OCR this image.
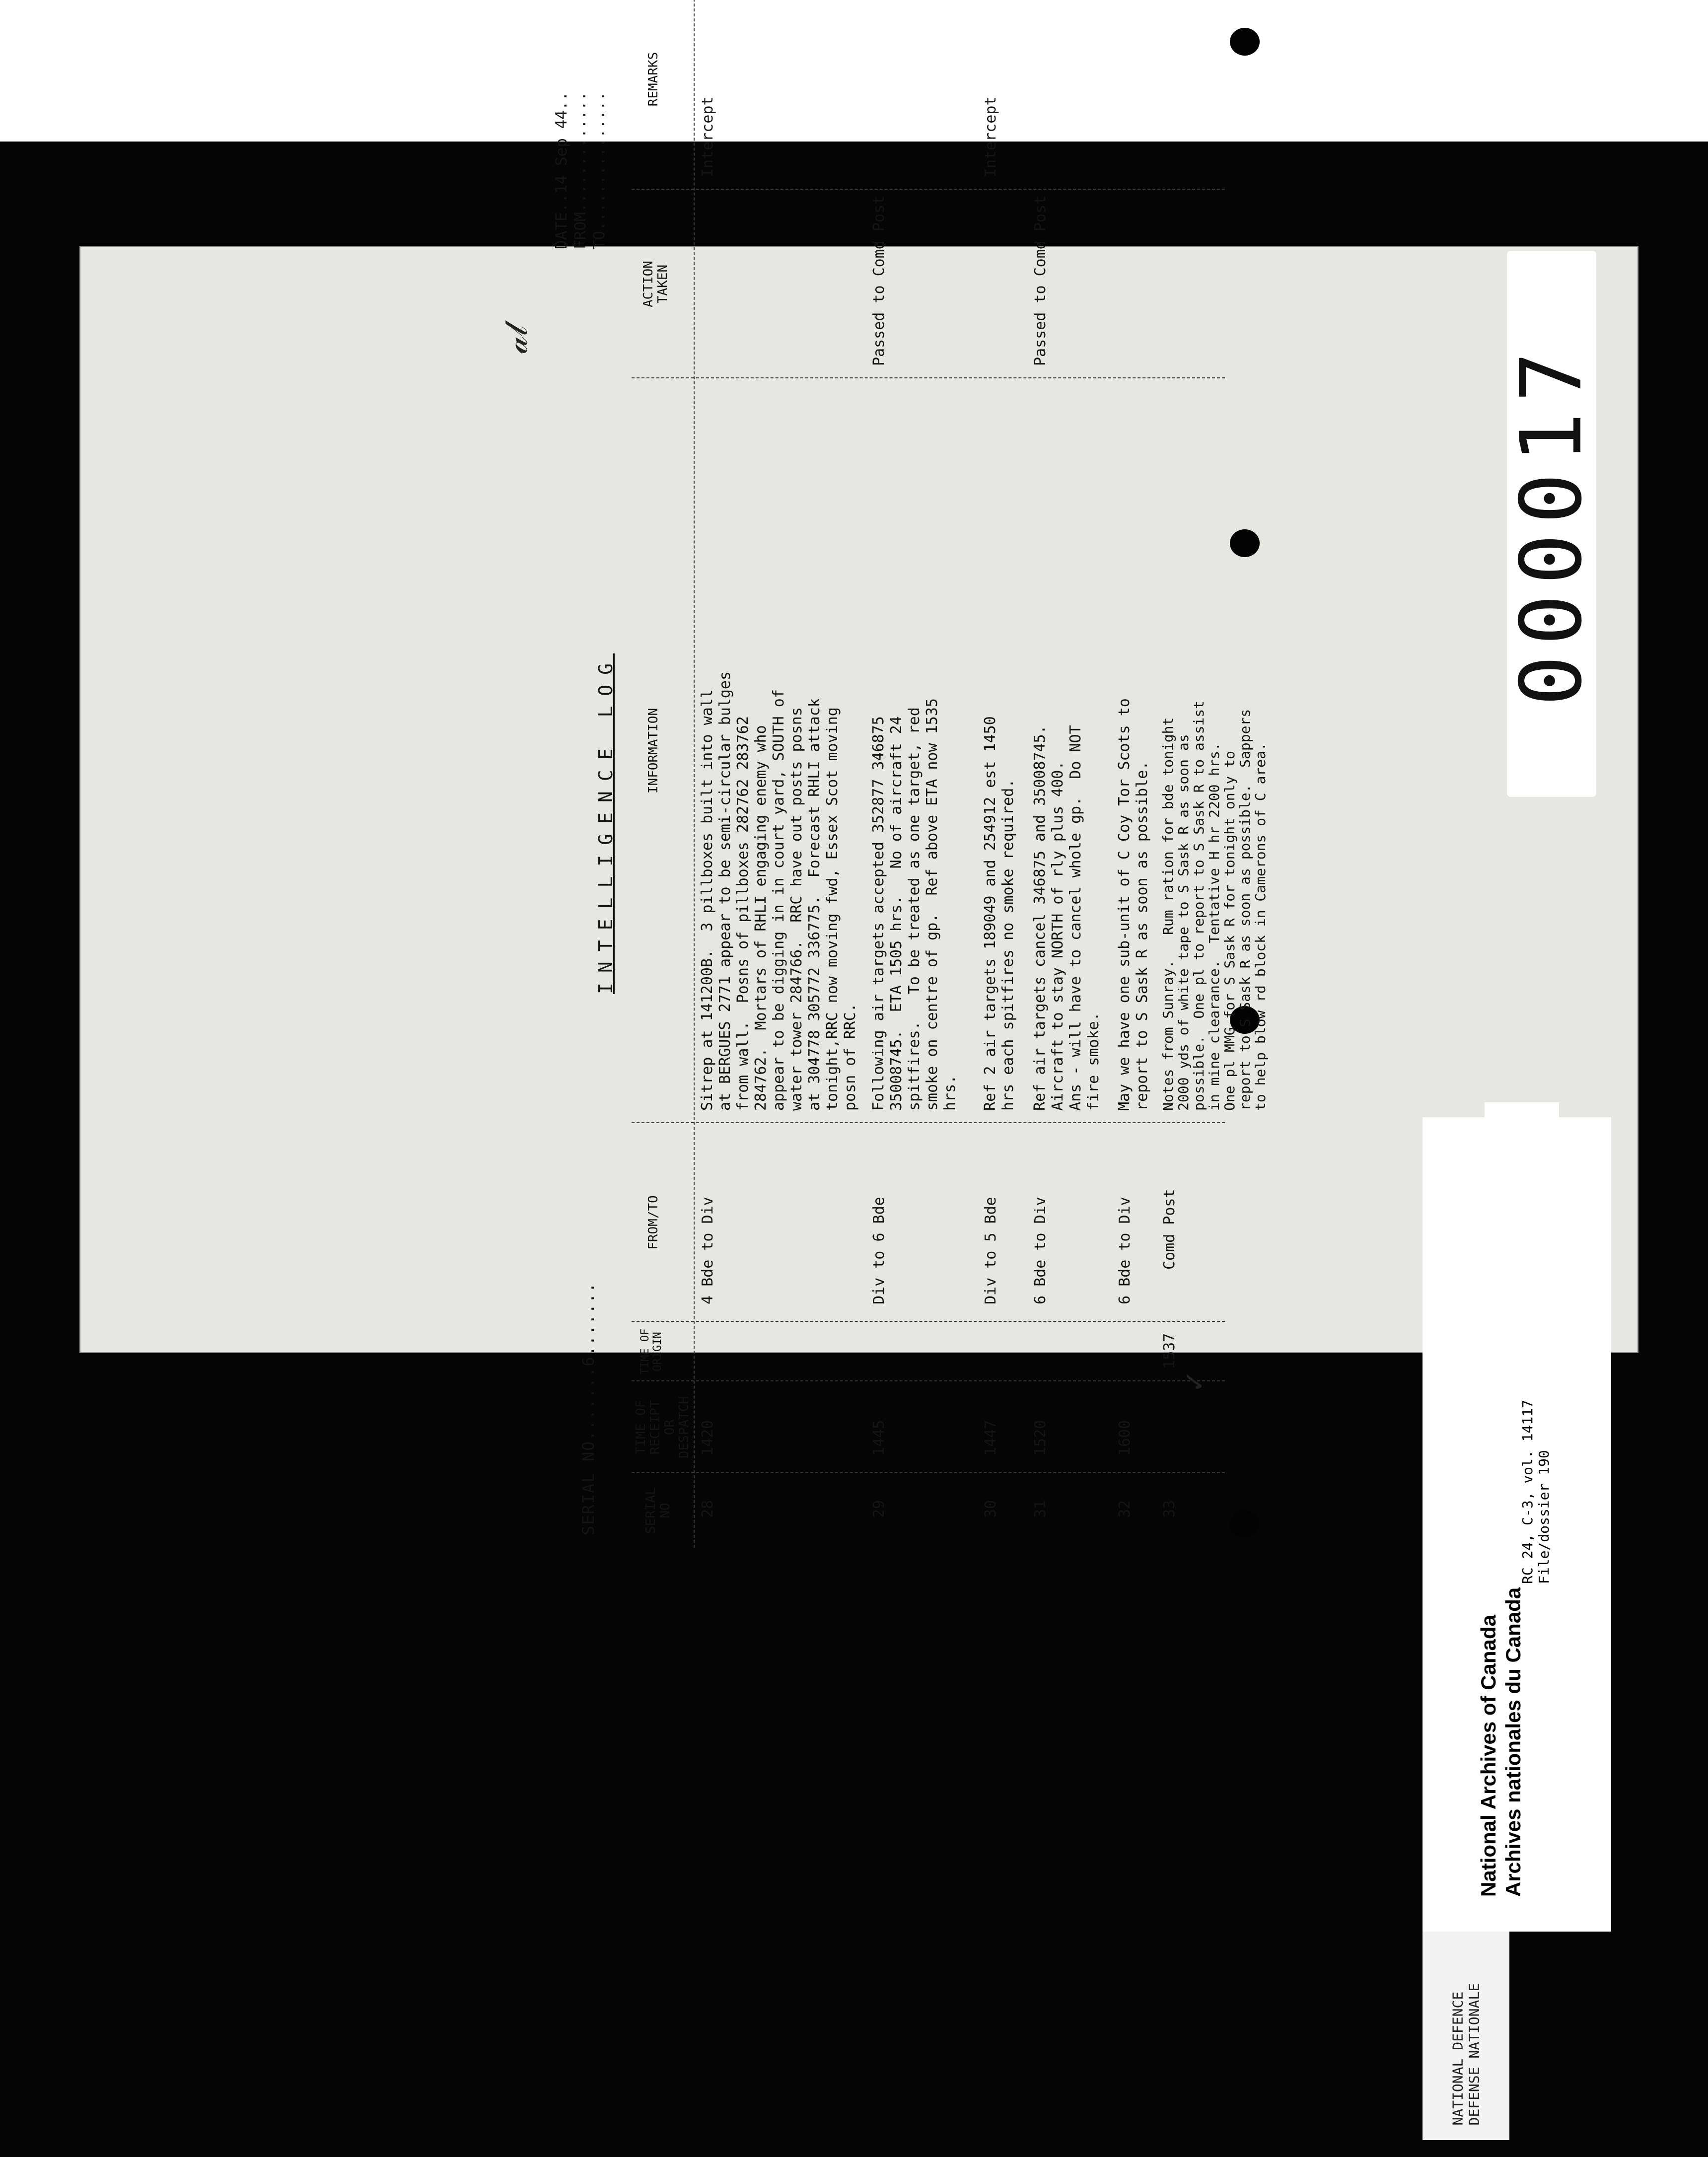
SERIAL NO.......6.......
INTELLIGENCE LOG
DATE..14 Sep 44.. FROM............. TO...............
SERIAL
NO
TIME OF
RECEIPT
OR
DESPATCH
TIME OF
ORIGIN
FROM/TO
INFORMATION
ACTION
TAKEN
REMARKS
28
1420
4 Bde to Div
Sitrep at 141200B.  3 pillboxes built into wall
at BERGUES 2771 appear to be semi-circular bulges
from wall.  Posns of pillboxes 282762 283762
284762.  Mortars of RHLI engaging enemy who
appear to be digging in in court yard, SOUTH of
water tower 284766.  RRC have out posts posns
at 304778 305772 336775.  Forecast RHLI attack
tonight,RRC now moving fwd, Essex Scot moving
posn of RRC.
Intercept
29
1445
Div to 6 Bde
Following air targets accepted 352877 346875
35008745.  ETA 1505 hrs.   No of aircraft 24
spitfires.   To be treated as one target, red
smoke on centre of gp.  Ref above ETA now 1535
hrs.
Passed to Comd Post
30
1447
Div to 5 Bde
Ref 2 air targets 189049 and 254912 est 1450
hrs each spitfires no smoke required.
Intercept
31
1520
6 Bde to Div
Ref air targets cancel 346875 and 35008745.
Aircraft to stay NORTH of rly plus 400.
Ans - will have to cancel whole gp.  Do NOT
fire smoke.
Passed to Comd Post
32
1600
6 Bde to Div
May we have one sub-unit of C Coy Tor Scots to
report to S Sask R as soon as possible.
33
1537
Comd Post
Notes from Sunray.   Rum ration for bde tonight
2000 yds of white tape to S Sask R as soon as
possible.  One pl to report to S Sask R to assist
in mine clearance.  Tentative H hr 2200 hrs.
One pl MMG for S Sask R for tonight only to
report to S Sask R as soon as possible.  Sappers
to help blow rd block in Camerons of C area.
✓
𝒶𝓁
000017
National Archives of Canada Archives nationales du Canada
RC 24, C-3, vol. 14117 File/dossier 190
NATIONAL DEFENCE DEFENSE NATIONALE
